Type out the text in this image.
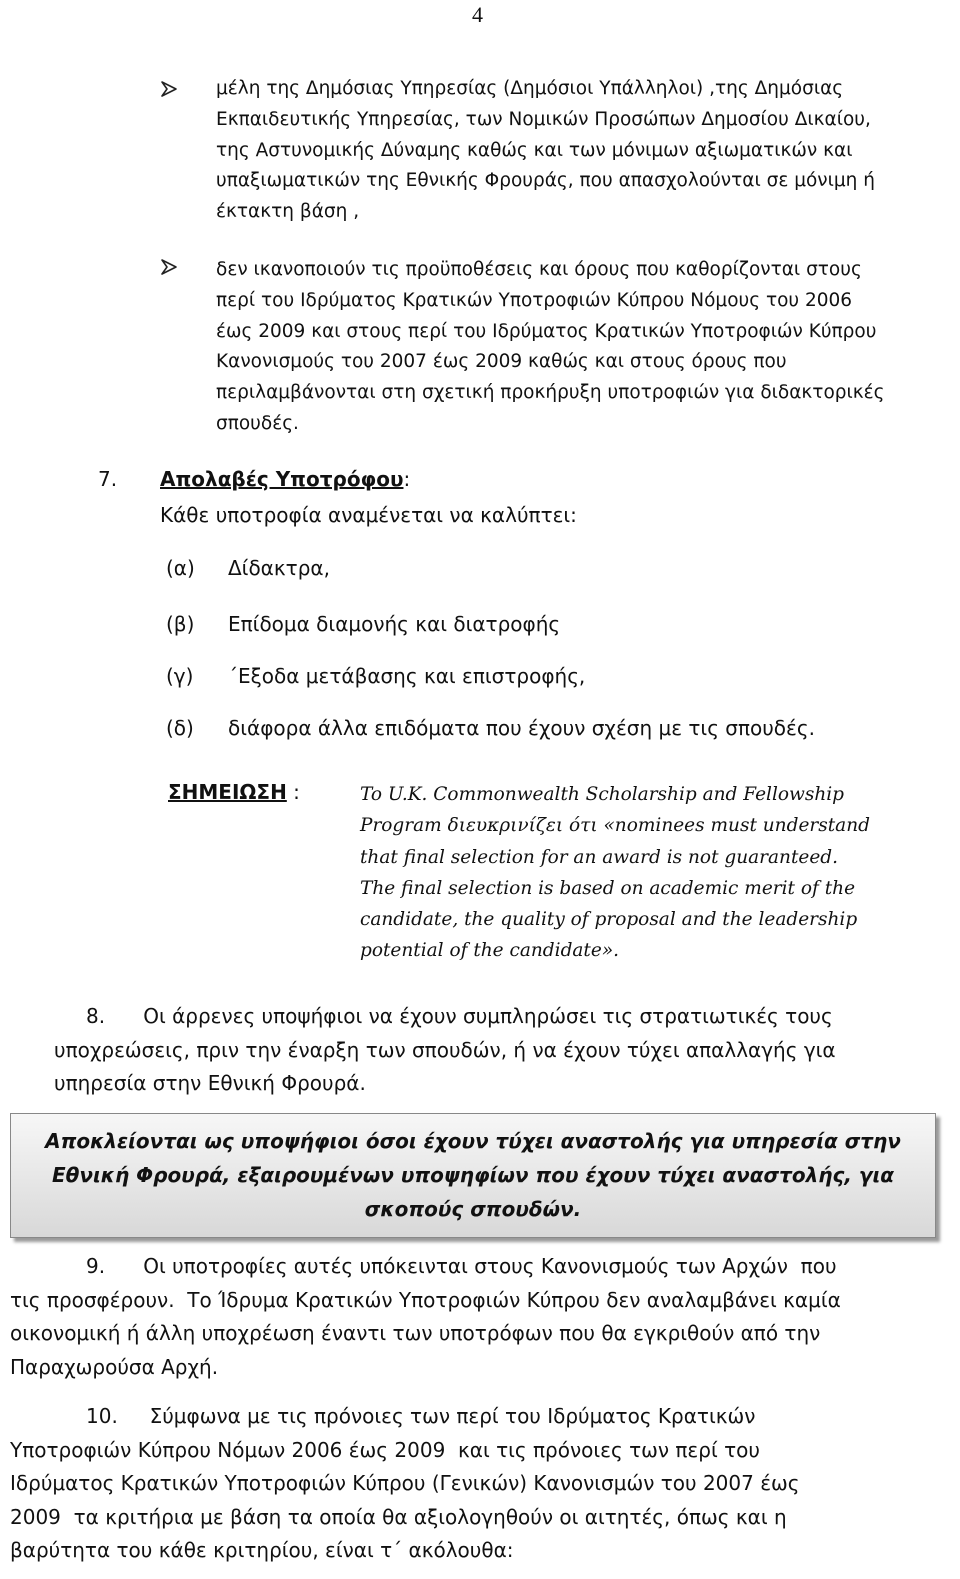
4
μέλη της Δημόσιας Υπηρεσίας (Δημόσιοι Υπάλληλοι) ,της Δημόσιας
Εκπαιδευτικής Υπηρεσίας, των Νομικών Προσώπων Δημοσίου Δικαίου,
της Αστυνομικής Δύναμης καθώς και των μόνιμων αξιωματικών και
υπαξιωματικών της Εθνικής Φρουράς, που απασχολούνται σε μόνιμη ή
έκτακτη βάση ,
δεν ικανοποιούν τις προϋποθέσεις και όρους που καθορίζονται στους
περί του Ιδρύματος Κρατικών Υποτροφιών Κύπρου Νόμους του 2006
έως 2009 και στους περί του Ιδρύματος Κρατικών Υποτροφιών Κύπρου
Κανονισμούς του 2007 έως 2009 καθώς και στους όρους που
περιλαμβάνονται στη σχετική προκήρυξη υποτροφιών για διδακτορικές
σπουδές.
7. Απολαβές Υποτρόφου:
Κάθε υποτροφία αναμένεται να καλύπτει:
(α) Δίδακτρα,
(β) Επίδομα διαμονής και διατροφής
(γ) ΄Εξοδα μετάβασης και επιστροφής,
(δ) διάφορα άλλα επιδόματα που έχουν σχέση με τις σπουδές.
ΣΗΜΕΙΩΣΗ :	To U.K. Commonwealth Scholarship and Fellowship
Program διευκρινίζει ότι «nominees must understand
that final selection for an award is not guaranteed.
The final selection is based on academic merit of the
candidate, the quality of proposal and the leadership
potential of the candidate».
8.      Οι άρρενες υποψήφιοι να έχουν συμπληρώσει τις στρατιωτικές τους
υποχρεώσεις, πριν την έναρξη των σπουδών, ή να έχουν τύχει απαλλαγής για
υπηρεσία στην Εθνική Φρουρά.
Αποκλείονται ως υποψήφιοι όσοι έχουν τύχει αναστολής για υπηρεσία στην
Εθνική Φρουρά, εξαιρουμένων υποψηφίων που έχουν τύχει αναστολής, για
σκοπούς σπουδών.
9.      Οι υποτροφίες αυτές υπόκεινται στους Κανονισμούς των Αρχών  που
τις προσφέρουν.  Το Ίδρυμα Κρατικών Υποτροφιών Κύπρου δεν αναλαμβάνει καμία
οικονομική ή άλλη υποχρέωση έναντι των υποτρόφων που θα εγκριθούν από την
Παραχωρούσα Αρχή.
10.     Σύμφωνα με τις πρόνοιες των περί του Ιδρύματος Κρατικών
Υποτροφιών Κύπρου Νόμων 2006 έως 2009  και τις πρόνοιες των περί του
Ιδρύματος Κρατικών Υποτροφιών Κύπρου (Γενικών) Κανονισμών του 2007 έως
2009  τα κριτήρια με βάση τα οποία θα αξιολογηθούν οι αιτητές, όπως και η
βαρύτητα του κάθε κριτηρίου, είναι τ΄ ακόλουθα:
